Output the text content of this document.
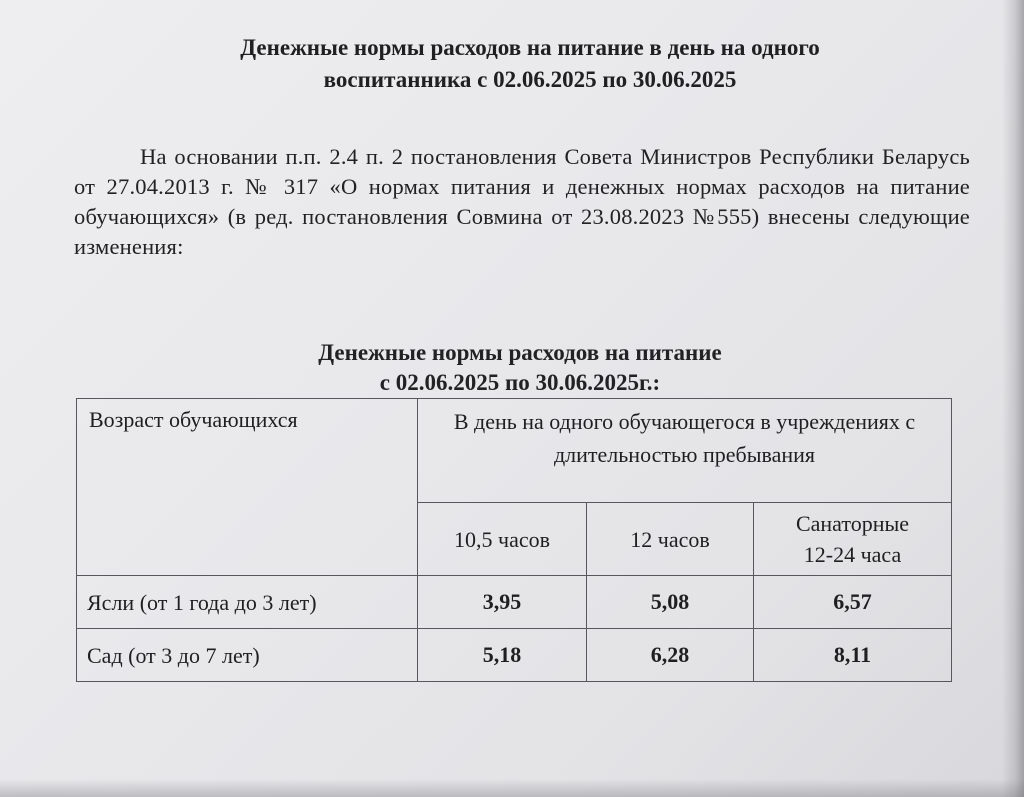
Денежные нормы расходов на питание в день на одного
воспитанника с 02.06.2025 по 30.06.2025

На основании п.п. 2.4 п. 2 постановления Совета Министров Республики Беларусь от 27.04.2013 г. № 317 «О нормах питания и денежных нормах расходов на питание обучающихся» (в ред. постановления Совмина от 23.08.2023 №555) внесены следующие изменения:

Денежные нормы расходов на питание
с 02.06.2025 по 30.06.2025г.:
Возраст обучающихся	В день на одного обучающегося в учреждениях с длительностью пребывания		
	10,5 часов	12 часов	Санаторные 12-24 часа
Ясли (от 1 года до 3 лет)	3,95	5,08	6,57
Сад (от 3 до 7 лет)	5,18	6,28	8,11
